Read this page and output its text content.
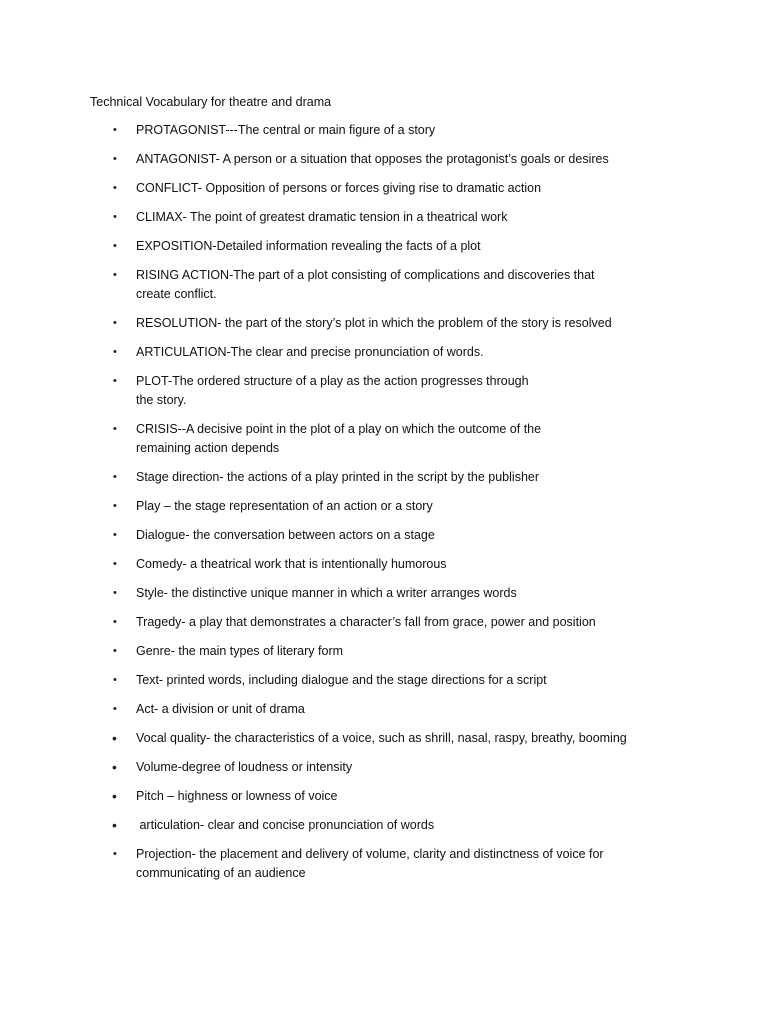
Technical Vocabulary for theatre and drama
• PROTAGONIST---The central or main figure of a story
• ANTAGONIST- A person or a situation that opposes the protagonist’s goals or desires
• CONFLICT- Opposition of persons or forces giving rise to dramatic action
• CLIMAX- The point of greatest dramatic tension in a theatrical work
• EXPOSITION-Detailed information revealing the facts of a plot
• RISING ACTION-The part of a plot consisting of complications and discoveries that create conflict.
• RESOLUTION- the part of the story’s plot in which the problem of the story is resolved
• ARTICULATION-The clear and precise pronunciation of words.
• PLOT-The ordered structure of a play as the action progresses through the story.
• CRISIS--A decisive point in the plot of a play on which the outcome of the remaining action depends
• Stage direction- the actions of a play printed in the script by the publisher
• Play – the stage representation of an action or a story
• Dialogue- the conversation between actors on a stage
• Comedy- a theatrical work that is intentionally humorous
• Style- the distinctive unique manner in which a writer arranges words
• Tragedy- a play that demonstrates a character’s fall from grace, power and position
• Genre- the main types of literary form
• Text- printed words, including dialogue and the stage directions for a script
• Act- a division or unit of drama
• Vocal quality- the characteristics of a voice, such as shrill, nasal, raspy, breathy, booming
• Volume-degree of loudness or intensity
• Pitch – highness or lowness of voice
• articulation- clear and concise pronunciation of words
• Projection- the placement and delivery of volume, clarity and distinctness of voice for communicating of an audience
